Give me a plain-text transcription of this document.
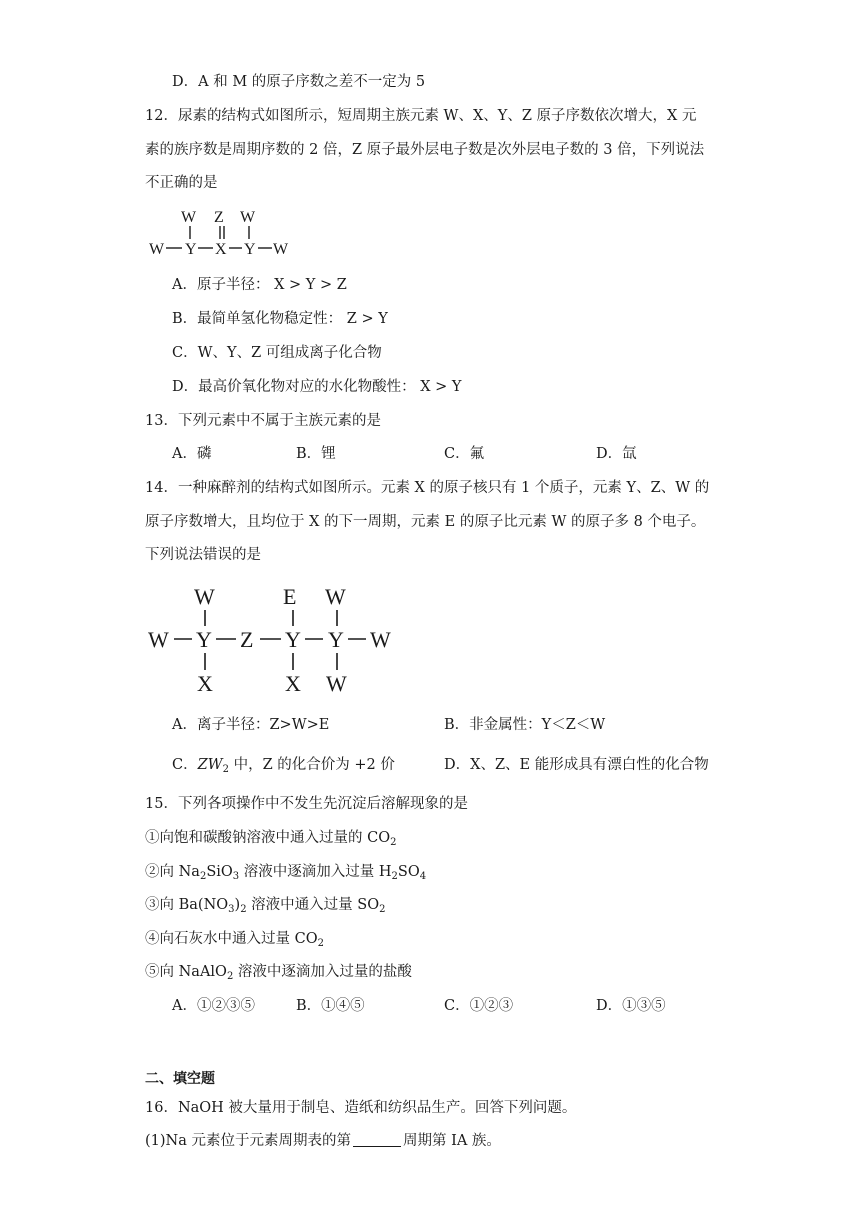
D．A 和 M 的原子序数之差不一定为 5
12．尿素的结构式如图所示，短周期主族元素 W、X、Y、Z 原子序数依次增大，X 元
素的族序数是周期序数的 2 倍，Z 原子最外层电子数是次外层电子数的 3 倍，下列说法
不正确的是
W Z W
W Y X Y W
A．原子半径： X > Y > Z
B．最简单氢化物稳定性： Z > Y
C．W、Y、Z 可组成离子化合物
D．最高价氧化物对应的水化物酸性： X > Y
13．下列元素中不属于主族元素的是
A．磷	B．锂	C．氟	D．氙
14．一种麻醉剂的结构式如图所示。元素 X 的原子核只有 1 个质子，元素 Y、Z、W 的
原子序数增大，且均位于 X 的下一周期，元素 E 的原子比元素 W 的原子多 8 个电子。
下列说法错误的是
W	E W
W Y Z Y Y W
X	X W
A．离子半径：Z>W>E	B．非金属性：Y＜Z＜W
C．$ZW_2$ 中，Z 的化合价为 +2 价	D．X、Z、E 能形成具有漂白性的化合物
15．下列各项操作中不发生先沉淀后溶解现象的是
①向饱和碳酸钠溶液中通入过量的 $CO_2$
②向 $Na_2SiO_3$ 溶液中逐滴加入过量 $H_2SO_4$
③向 $Ba(NO_3)_2$ 溶液中通入过量 $SO_2$
④向石灰水中通入过量 $CO_2$
⑤向 NaAlO$_2$ 溶液中逐滴加入过量的盐酸
A．①②③⑤	B．①④⑤	C．①②③	D．①③⑤
二、填空题
16．NaOH 被大量用于制皂、造纸和纺织品生产。回答下列问题。
(1)Na 元素位于元素周期表的第	周期第 IA 族。
